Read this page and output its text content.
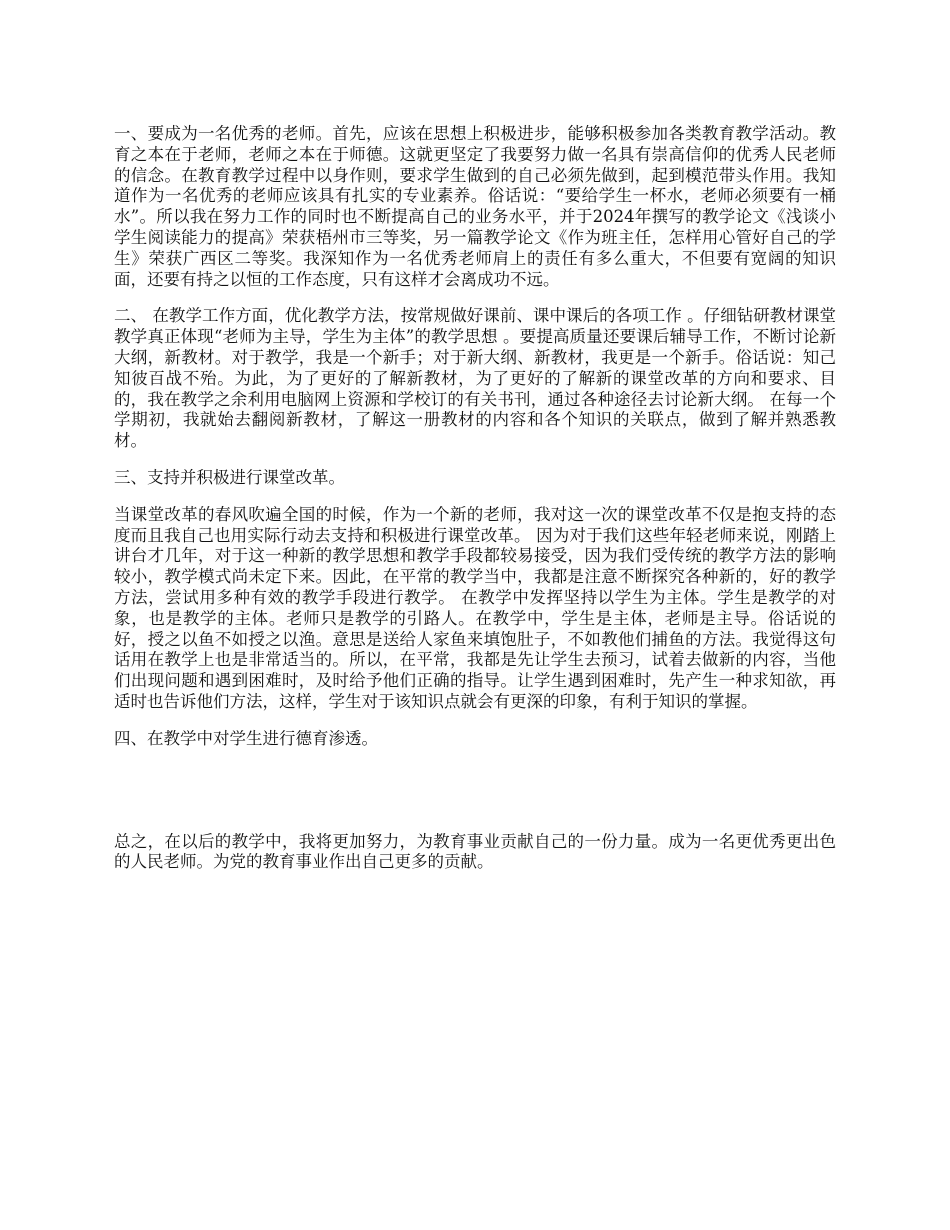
一、要成为一名优秀的老师。首先，应该在思想上积极进步，能够积极参加各类教育教学活动。教育之本在于老师，老师之本在于师德。这就更坚定了我要努力做一名具有崇高信仰的优秀人民老师的信念。在教育教学过程中以身作则，要求学生做到的自己必须先做到，起到模范带头作用。我知道作为一名优秀的老师应该具有扎实的专业素养。俗话说：“要给学生一杯水，老师必须要有一桶水”。所以我在努力工作的同时也不断提高自己的业务水平，并于2024年撰写的教学论文《浅谈小学生阅读能力的提高》荣获梧州市三等奖，另一篇教学论文《作为班主任，怎样用心管好自己的学生》荣获广西区二等奖。我深知作为一名优秀老师肩上的责任有多么重大，不但要有宽阔的知识面，还要有持之以恒的工作态度，只有这样才会离成功不远。

二、 在教学工作方面，优化教学方法，按常规做好课前、课中课后的各项工作 。仔细钻研教材课堂教学真正体现“老师为主导，学生为主体”的教学思想 。要提高质量还要课后辅导工作，不断讨论新大纲，新教材。对于教学，我是一个新手；对于新大纲、新教材，我更是一个新手。俗话说：知己知彼百战不殆。为此，为了更好的了解新教材，为了更好的了解新的课堂改革的方向和要求、目的，我在教学之余利用电脑网上资源和学校订的有关书刊，通过各种途径去讨论新大纲。 在每一个学期初，我就始去翻阅新教材，了解这一册教材的内容和各个知识的关联点，做到了解并熟悉教材。

三、支持并积极进行课堂改革。

当课堂改革的春风吹遍全国的时候，作为一个新的老师，我对这一次的课堂改革不仅是抱支持的态度而且我自己也用实际行动去支持和积极进行课堂改革。 因为对于我们这些年轻老师来说，刚踏上讲台才几年，对于这一种新的教学思想和教学手段都较易接受，因为我们受传统的教学方法的影响较小，教学模式尚未定下来。因此，在平常的教学当中，我都是注意不断探究各种新的，好的教学方法，尝试用多种有效的教学手段进行教学。 在教学中发挥坚持以学生为主体。学生是教学的对象，也是教学的主体。老师只是教学的引路人。在教学中，学生是主体，老师是主导。俗话说的好，授之以鱼不如授之以渔。意思是送给人家鱼来填饱肚子，不如教他们捕鱼的方法。我觉得这句话用在教学上也是非常适当的。所以，在平常，我都是先让学生去预习，试着去做新的内容，当他们出现问题和遇到困难时，及时给予他们正确的指导。让学生遇到困难时，先产生一种求知欲，再适时也告诉他们方法，这样，学生对于该知识点就会有更深的印象，有利于知识的掌握。

四、在教学中对学生进行德育渗透。

总之，在以后的教学中，我将更加努力，为教育事业贡献自己的一份力量。成为一名更优秀更出色的人民老师。为党的教育事业作出自己更多的贡献。
